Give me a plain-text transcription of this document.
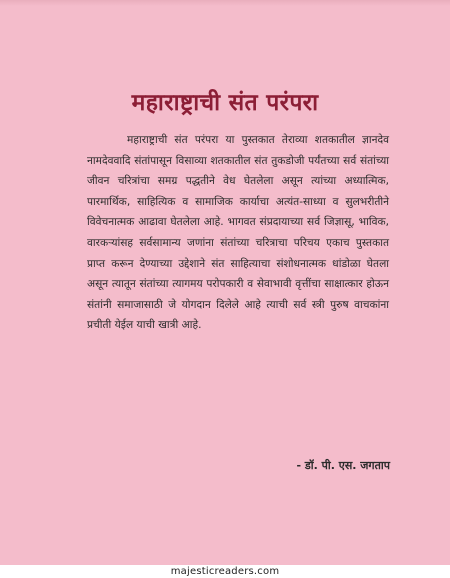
महाराष्ट्राची संत परंपरा

महाराष्ट्राची संत परंपरा या पुस्तकात तेराव्या शतकातील ज्ञानदेव नामदेववादि संतांपासून विसाव्या शतकातील संत तुकडोजी पर्यंतच्या सर्व संतांच्या जीवन चरित्रांचा समग्र पद्धतीने वेध घेतलेला असून त्यांच्या अध्यात्मिक, पारमार्थिक, साहित्यिक व सामाजिक कार्याचा अत्यंत-साध्या व सुलभरीतीने विवेचनात्मक आढावा घेतलेला आहे. भागवत संप्रदायाच्या सर्व जिज्ञासू, भाविक, वारकऱ्यांसह सर्वसामान्य जणांना संतांच्या चरित्राचा परिचय एकाच पुस्तकात प्राप्त करून देण्याच्या उद्देशाने संत साहित्याचा संशोधनात्मक धांडोळा घेतला असून त्यातून संतांच्या त्यागमय परोपकारी व सेवाभावी वृत्तींचा साक्षात्कार होऊन संतांनी समाजासाठी जे योगदान दिलेले आहे त्याची सर्व स्त्री पुरुष वाचकांना प्रचीती येईल याची खात्री आहे.

- डॉ. पी. एस. जगताप

majesticreaders.com
